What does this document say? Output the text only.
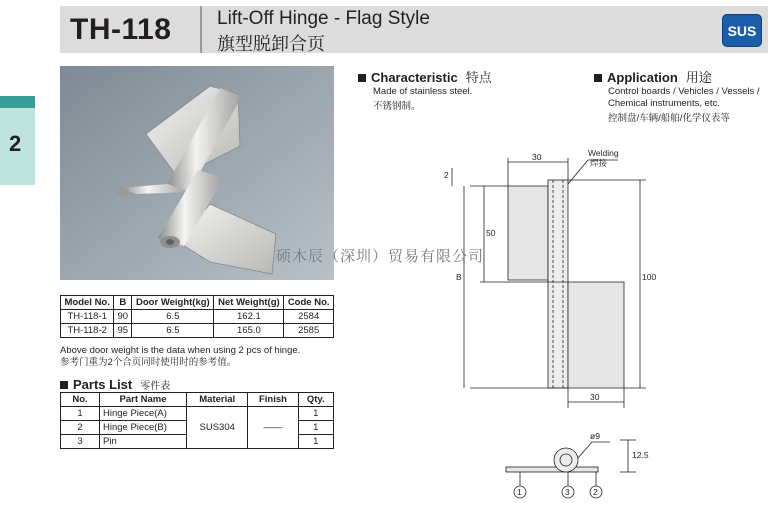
TH-118 Lift-Off Hinge - Flag Style
旗型脱卸合页
SUS
2
Characteristic 特点
Made of stainless steel.
不锈钢制。
Application 用途
Control boards / Vehicles / Vessels /
Chemical instruments, etc.
控制盘/车辆/船舶/化学仪表等
Welding
焊接
30
2
50
B	100
30
ø9
12.5
1	3	2
硕木辰（深圳）贸易有限公司
Model No.	B	Door Weight(kg)	Net Weight(g)	Code No.
TH-118-1	90	6.5	162.1	2584
TH-118-2	95	6.5	165.0	2585
Above door weight is the data when using 2 pcs of hinge.
参考门重为2个合页同时使用时的参考值。
Parts List 零件表
No.	Part Name	Material	Finish	Qty.
1	Hinge Piece(A)	SUS304	——	1
2	Hinge Piece(B)			1
3	Pin			1
